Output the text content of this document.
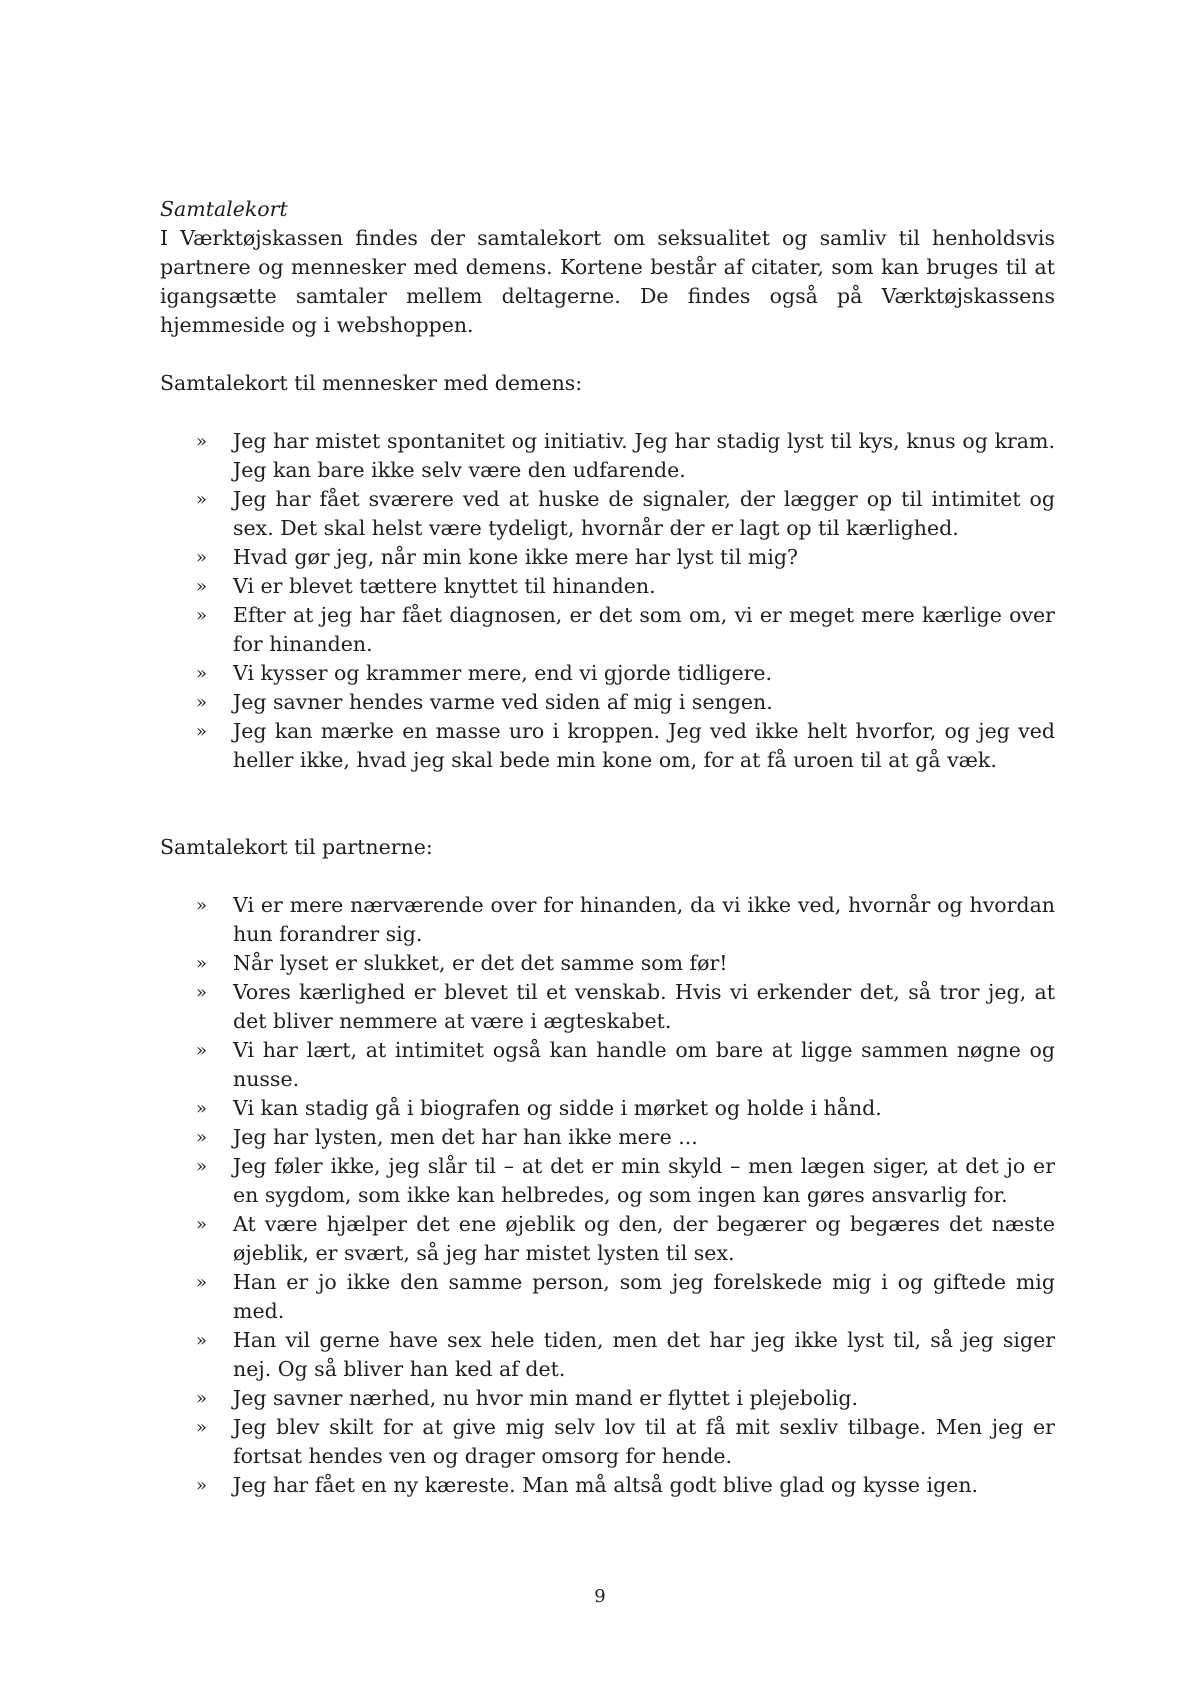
Samtalekort

I Værktøjskassen findes der samtalekort om seksualitet og samliv til henholdsvis partnere og mennesker med demens. Kortene består af citater, som kan bruges til at igangsætte samtaler mellem deltagerne. De findes også på Værktøjskassens hjemmeside og i webshoppen.

Samtalekort til mennesker med demens:

» Jeg har mistet spontanitet og initiativ. Jeg har stadig lyst til kys, knus og kram. Jeg kan bare ikke selv være den udfarende.
» Jeg har fået sværere ved at huske de signaler, der lægger op til intimitet og sex. Det skal helst være tydeligt, hvornår der er lagt op til kærlighed.
» Hvad gør jeg, når min kone ikke mere har lyst til mig?
» Vi er blevet tættere knyttet til hinanden.
» Efter at jeg har fået diagnosen, er det som om, vi er meget mere kærlige over for hinanden.
» Vi kysser og krammer mere, end vi gjorde tidligere.
» Jeg savner hendes varme ved siden af mig i sengen.
» Jeg kan mærke en masse uro i kroppen. Jeg ved ikke helt hvorfor, og jeg ved heller ikke, hvad jeg skal bede min kone om, for at få uroen til at gå væk.

Samtalekort til partnerne:

» Vi er mere nærværende over for hinanden, da vi ikke ved, hvornår og hvordan hun forandrer sig.
» Når lyset er slukket, er det det samme som før!
» Vores kærlighed er blevet til et venskab. Hvis vi erkender det, så tror jeg, at det bliver nemmere at være i ægteskabet.
» Vi har lært, at intimitet også kan handle om bare at ligge sammen nøgne og nusse.
» Vi kan stadig gå i biografen og sidde i mørket og holde i hånd.
» Jeg har lysten, men det har han ikke mere ...
» Jeg føler ikke, jeg slår til – at det er min skyld – men lægen siger, at det jo er en sygdom, som ikke kan helbredes, og som ingen kan gøres ansvarlig for.
» At være hjælper det ene øjeblik og den, der begærer og begæres det næste øjeblik, er svært, så jeg har mistet lysten til sex.
» Han er jo ikke den samme person, som jeg forelskede mig i og giftede mig med.
» Han vil gerne have sex hele tiden, men det har jeg ikke lyst til, så jeg siger nej. Og så bliver han ked af det.
» Jeg savner nærhed, nu hvor min mand er flyttet i plejebolig.
» Jeg blev skilt for at give mig selv lov til at få mit sexliv tilbage. Men jeg er fortsat hendes ven og drager omsorg for hende.
» Jeg har fået en ny kæreste. Man må altså godt blive glad og kysse igen.
9
